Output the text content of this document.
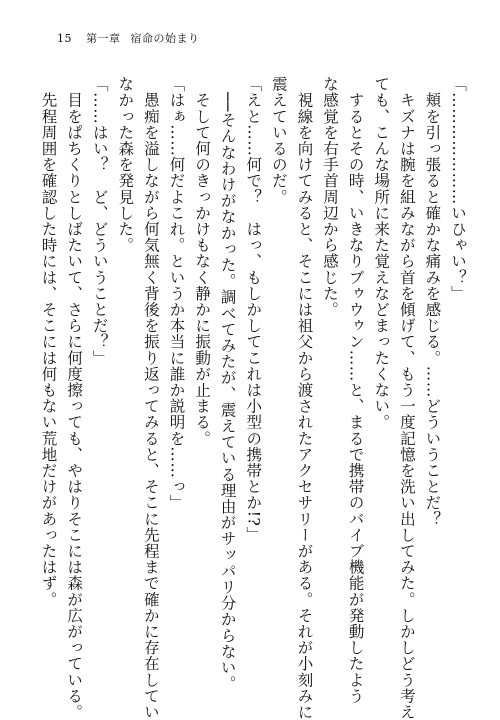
15 第一章 宿命の始まり

「…………………いひゃい？」

　頬を引っ張ると確かな痛みを感じる。……どういうことだ？

　キズナは腕を組みながら首を傾げて、もう一度記憶を洗い出してみた。しかしどう考え

ても、こんな場所に来た覚えなどまったくない。

　するとその時、いきなりブゥウゥン……と、まるで携帯のバイブ機能が発動したよう

な感覚を右手首周辺から感じた。

　視線を向けてみると、そこには祖父から渡されたアクセサリーがある。それが小刻みに

震えているのだ。

「えと……何で？　はっ、もしかしてこれは小型の携帯とか!?」

　──そんなわけがなかった。調べてみたが、震えている理由がサッパリ分からない。

　そして何のきっかけもなく静かに振動が止まる。

「はぁ……何だよこれ。というか本当に誰か説明を……っ」

　愚痴を溢しながら何気無く背後を振り返ってみると、そこに先程まで確かに存在してい

なかった森を発見した。

「……はい？　ど、どういうことだ？」

　目をぱちくりとしばたいて、さらに何度擦っても、やはりそこには森が広がっている。

　先程周囲を確認した時には、そこには何もない荒地だけがあったはず。
